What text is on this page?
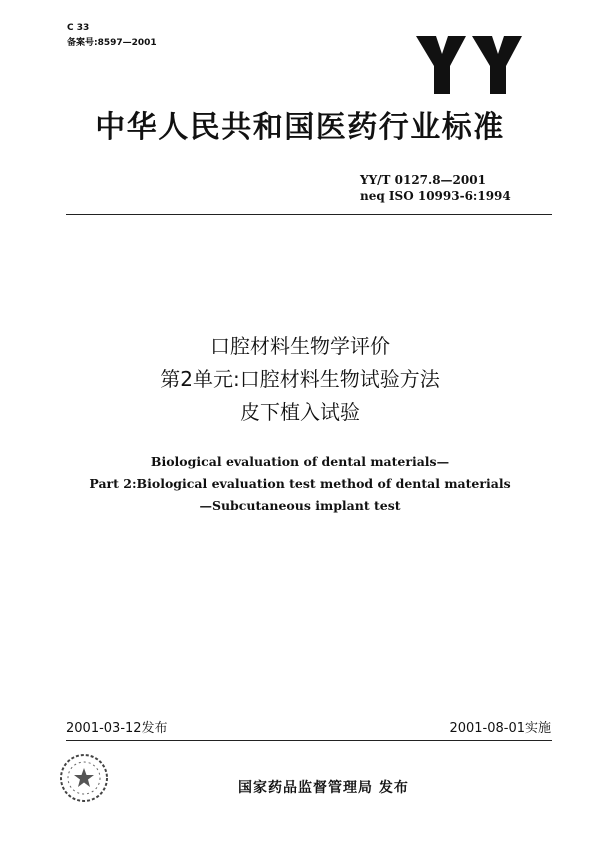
C 33
备案号:8597—2001
中华人民共和国医药行业标准
YY/T 0127.8—2001
neq ISO 10993-6:1994
口腔材料生物学评价
第2单元:口腔材料生物试验方法
皮下植入试验
Biological evaluation of dental materials—
Part 2:Biological evaluation test method of dental materials
—Subcutaneous implant test
2001-03-12发布	2001-08-01实施
国家药品监督管理局 发布
